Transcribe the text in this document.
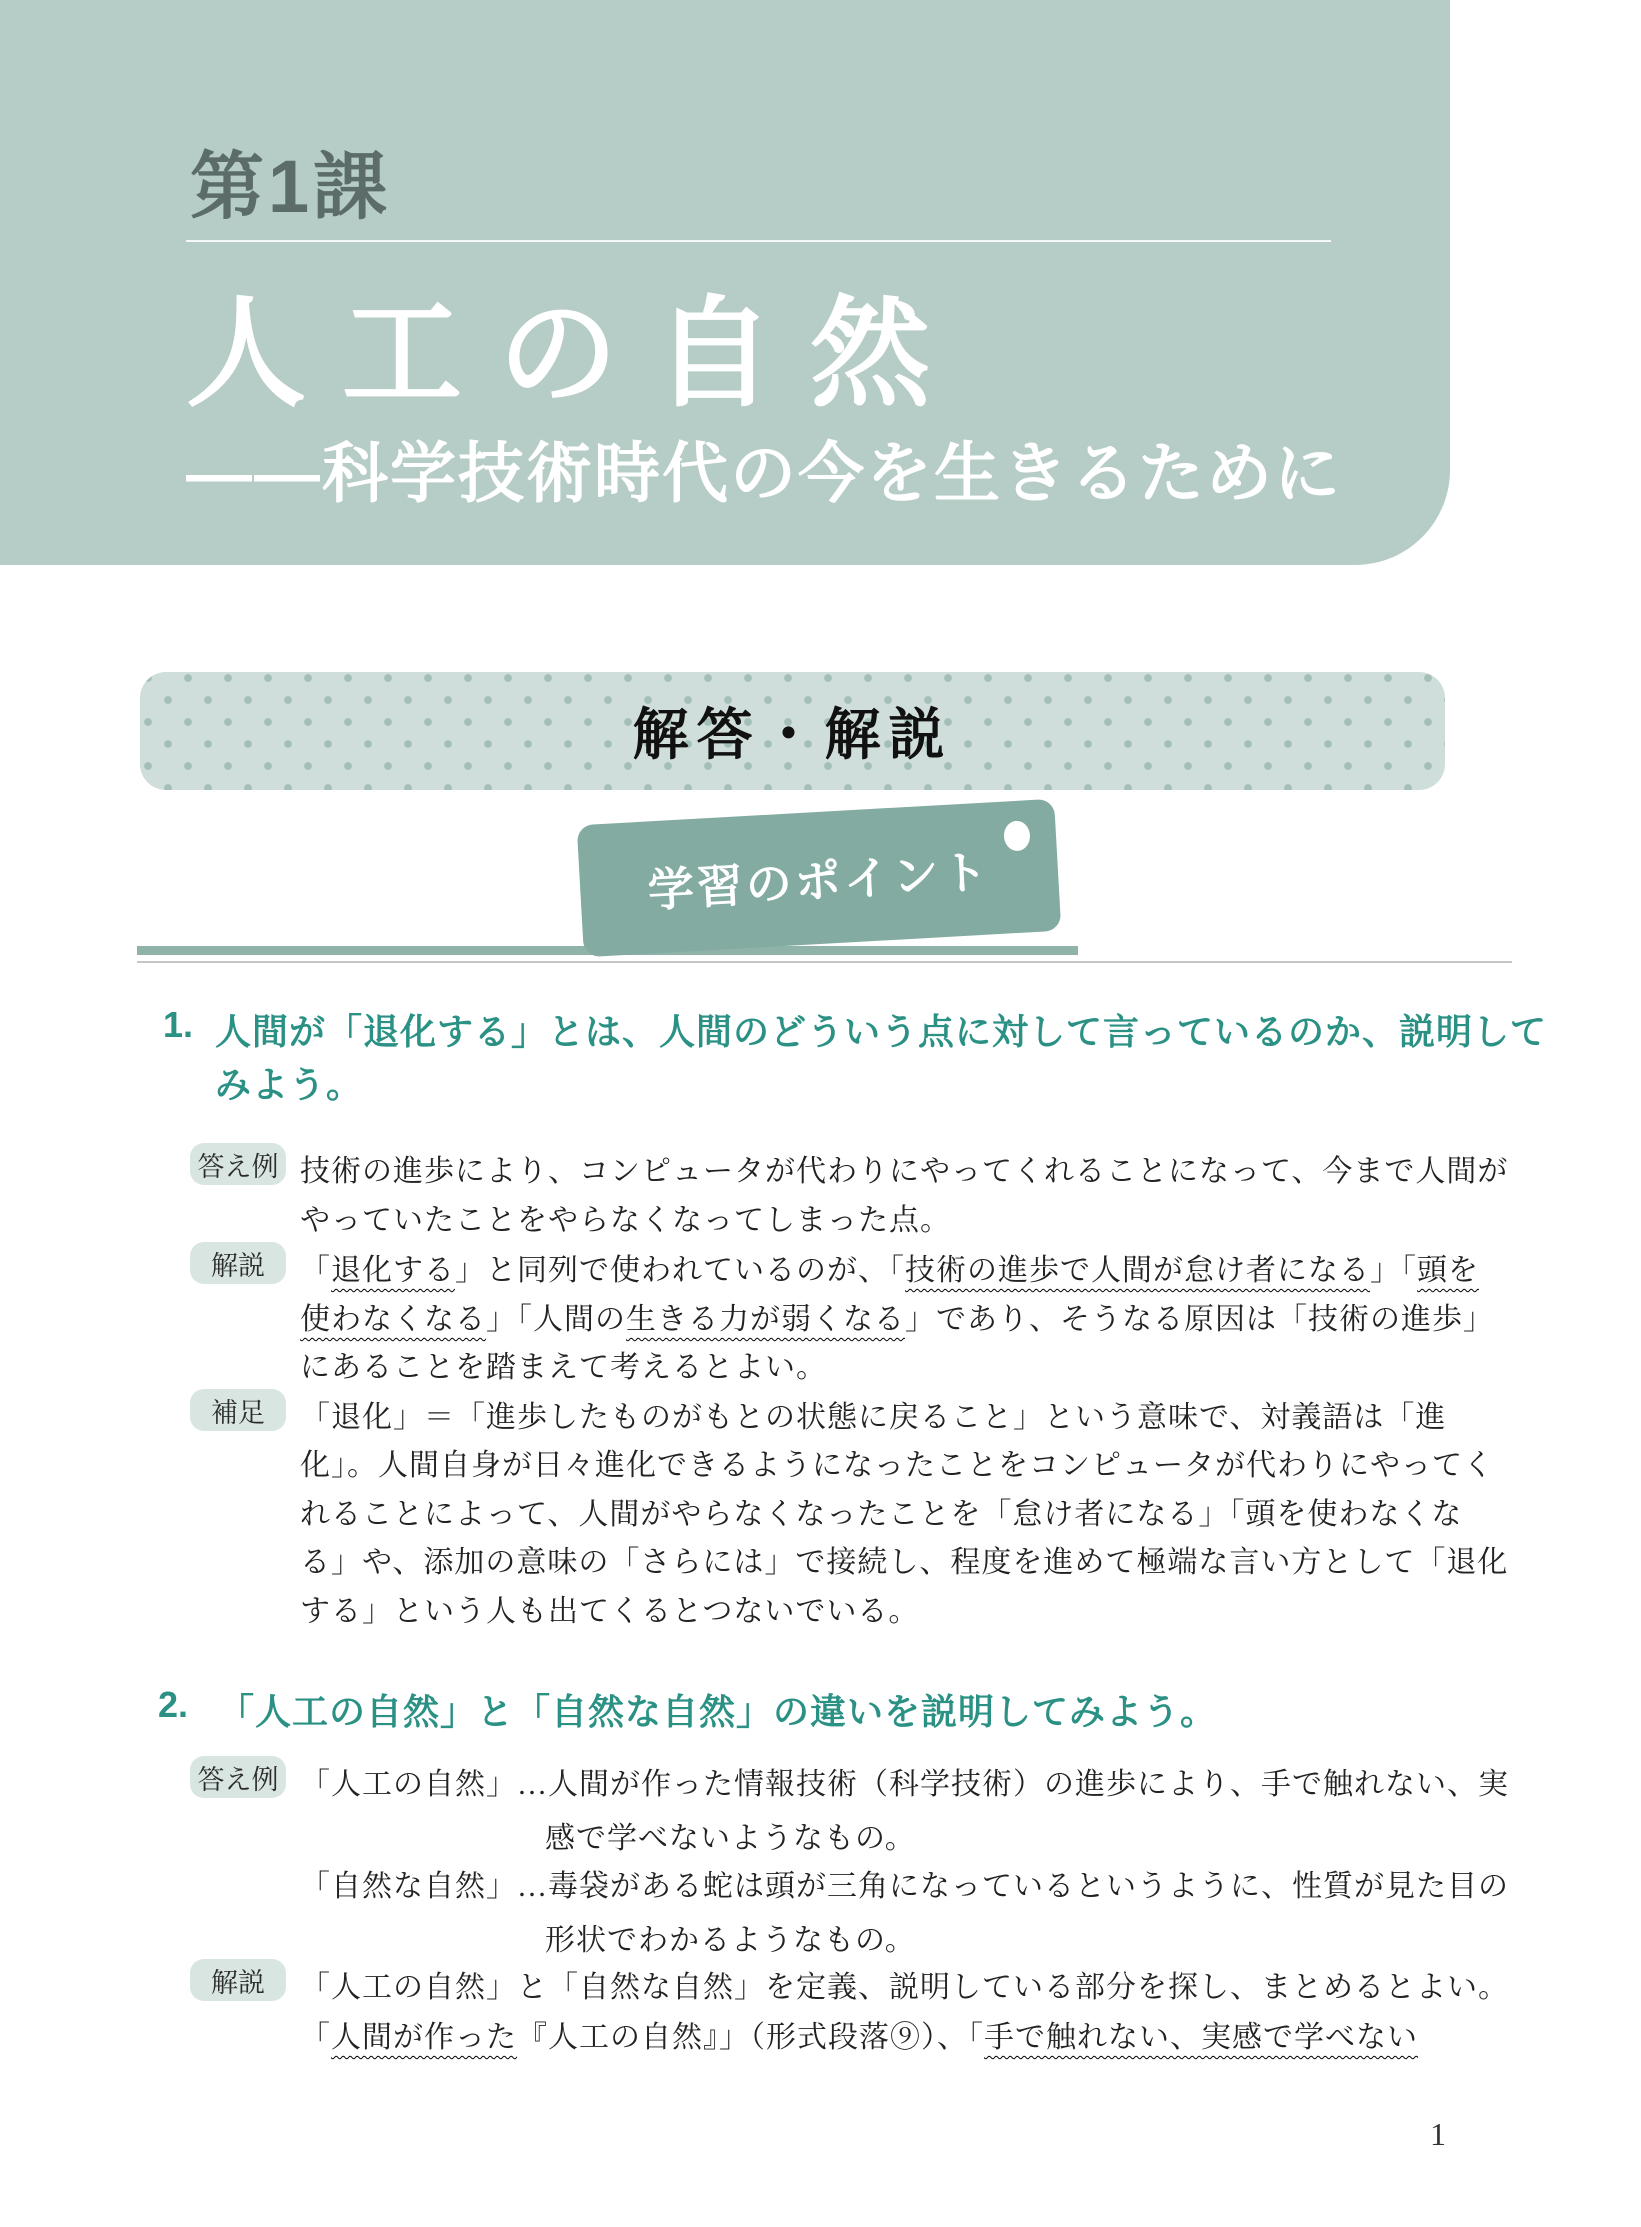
第1課
人工の自然
——科学技術時代の今を生きるために
解答・解説
学習のポイント
1. 人間が「退化する」とは、人間のどういう点に対して言っているのか、説明して
みよう。
答え例 技術の進歩により、コンピュータが代わりにやってくれることになって、今まで人間が
やっていたことをやらなくなってしまった点。
解説	「退化する」と同列で使われているのが、「技術の進歩で人間が怠け者になる」「頭を
使わなくなる」「人間の生きる力が弱くなる」であり、そうなる原因は「技術の進歩」
にあることを踏まえて考えるとよい。
補足	「退化」＝「進歩したものがもとの状態に戻ること」という意味で、対義語は「進
化」。人間自身が日々進化できるようになったことをコンピュータが代わりにやってく
れることによって、人間がやらなくなったことを「怠け者になる」「頭を使わなくな
る」や、添加の意味の「さらには」で接続し、程度を進めて極端な言い方として「退化
する」という人も出てくるとつないでいる。
2. 「人工の自然」と「自然な自然」の違いを説明してみよう。
答え例 「人工の自然」…人間が作った情報技術（科学技術）の進歩により、手で触れない、実
感で学べないようなもの。
「自然な自然」…毒袋がある蛇は頭が三角になっているというように、性質が見た目の
形状でわかるようなもの。
解説	「人工の自然」と「自然な自然」を定義、説明している部分を探し、まとめるとよい。
「人間が作った『人工の自然』」（形式段落⑨）、「手で触れない、実感で学べない
1
